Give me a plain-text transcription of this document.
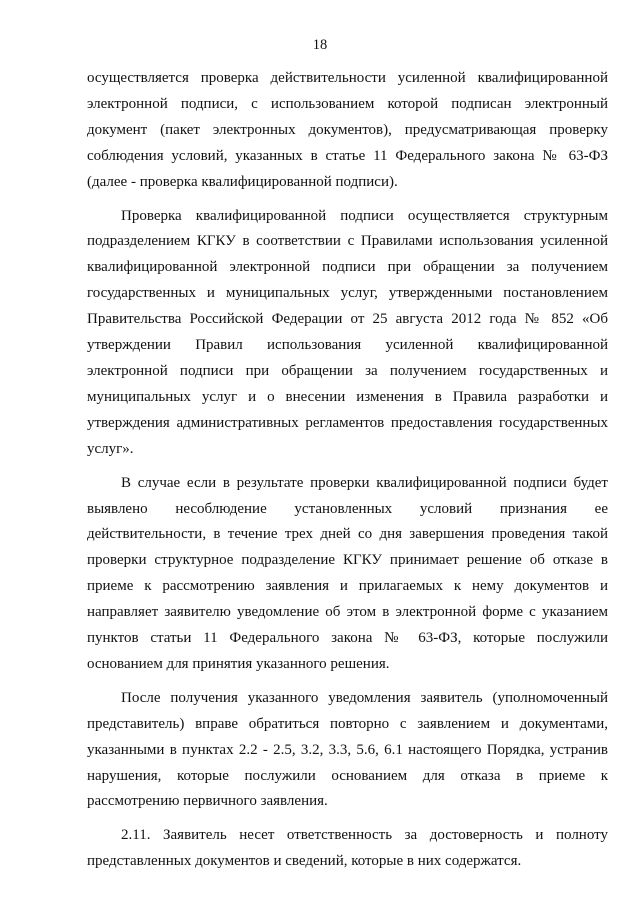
18

осуществляется проверка действительности усиленной квалифицированной электронной подписи, с использованием которой подписан электронный документ (пакет электронных документов), предусматривающая проверку соблюдения условий, указанных в статье 11 Федерального закона № 63-ФЗ (далее - проверка квалифицированной подписи).

Проверка квалифицированной подписи осуществляется структурным подразделением КГКУ в соответствии с Правилами использования усиленной квалифицированной электронной подписи при обращении за получением государственных и муниципальных услуг, утвержденными постановлением Правительства Российской Федерации от 25 августа 2012 года № 852 «Об утверждении Правил использования усиленной квалифицированной электронной подписи при обращении за получением государственных и муниципальных услуг и о внесении изменения в Правила разработки и утверждения административных регламентов предоставления государственных услуг».

В случае если в результате проверки квалифицированной подписи будет выявлено несоблюдение установленных условий признания ее действительности, в течение трех дней со дня завершения проведения такой проверки структурное подразделение КГКУ принимает решение об отказе в приеме к рассмотрению заявления и прилагаемых к нему документов и направляет заявителю уведомление об этом в электронной форме с указанием пунктов статьи 11 Федерального закона № 63-ФЗ, которые послужили основанием для принятия указанного решения.

После получения указанного уведомления заявитель (уполномоченный представитель) вправе обратиться повторно с заявлением и документами, указанными в пунктах 2.2 - 2.5, 3.2, 3.3, 5.6, 6.1 настоящего Порядка, устранив нарушения, которые послужили основанием для отказа в приеме к рассмотрению первичного заявления.

2.11. Заявитель несет ответственность за достоверность и полноту представленных документов и сведений, которые в них содержатся.
